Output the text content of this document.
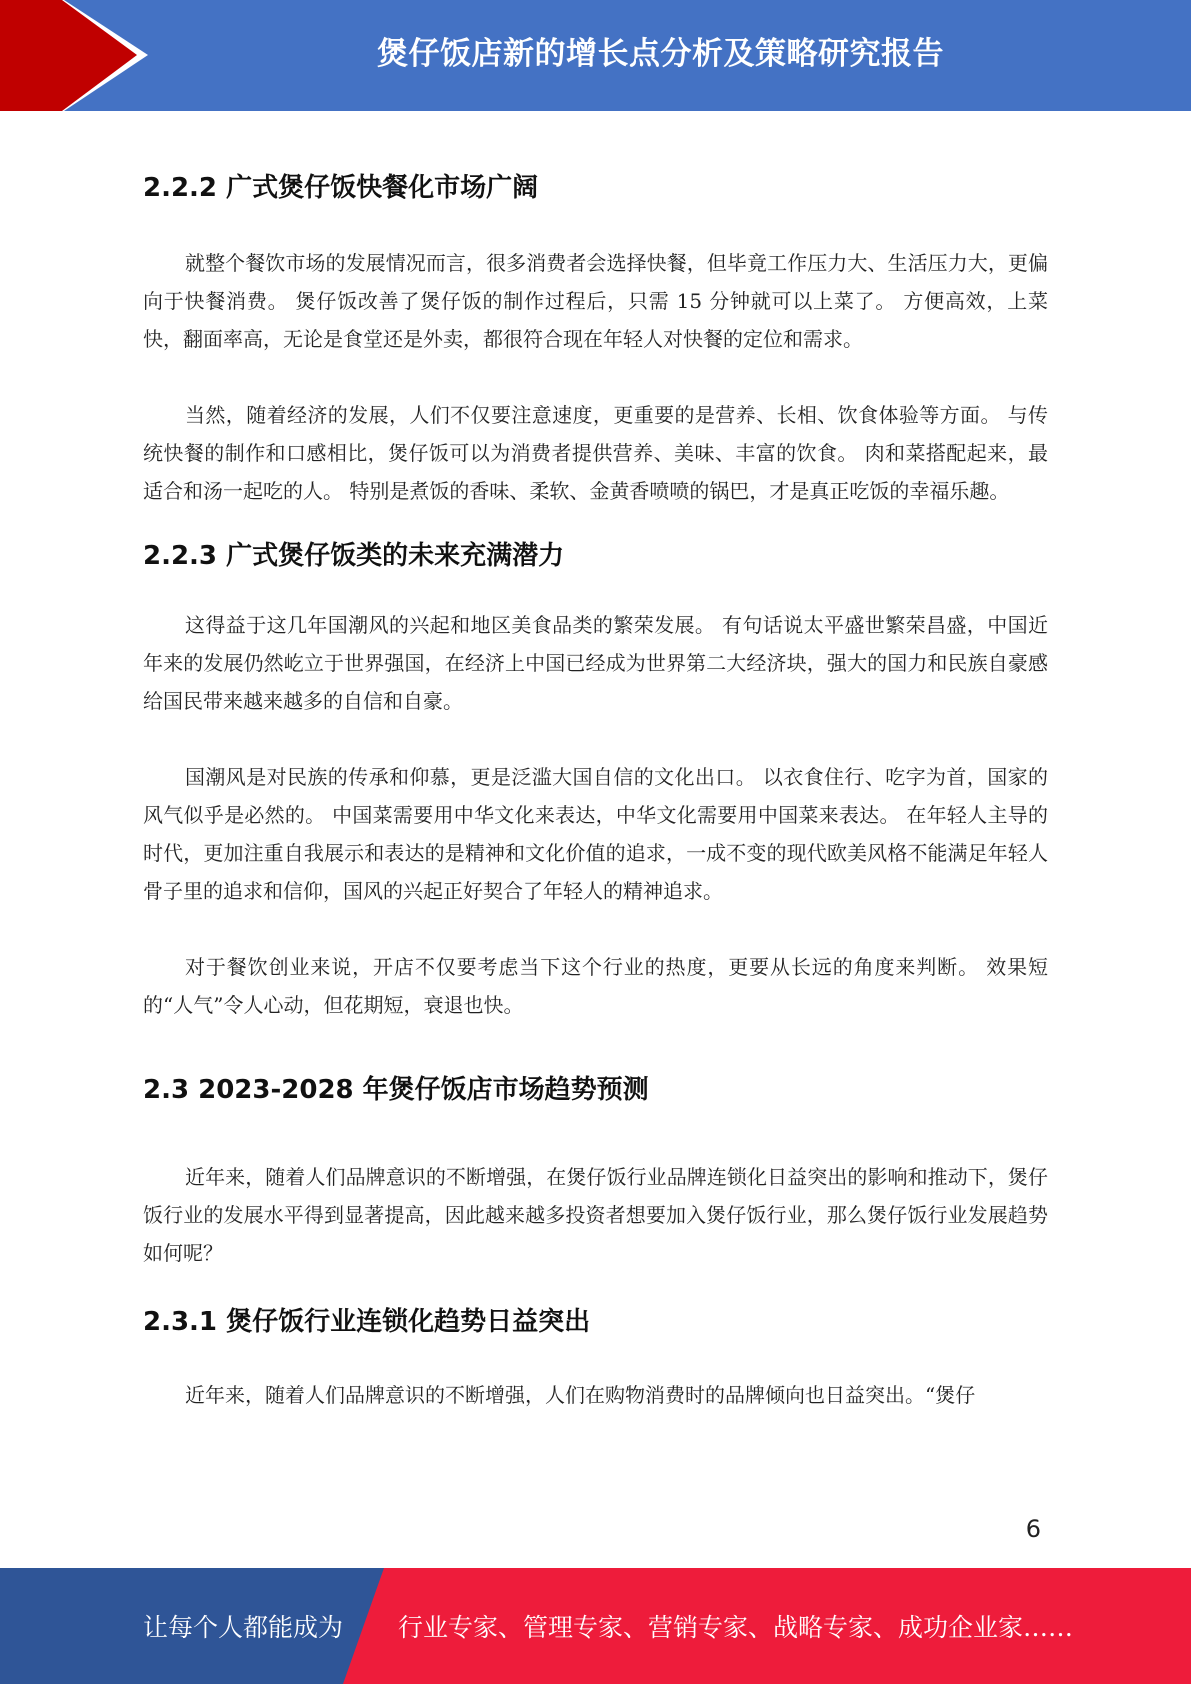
煲仔饭店新的增长点分析及策略研究报告
2.2.2 广式煲仔饭快餐化市场广阔

就整个餐饮市场的发展情况而言，很多消费者会选择快餐，但毕竟工作压力大、生活压力大，更偏向于快餐消费。 煲仔饭改善了煲仔饭的制作过程后，只需 15 分钟就可以上菜了。 方便高效，上菜快，翻面率高，无论是食堂还是外卖，都很符合现在年轻人对快餐的定位和需求。

当然，随着经济的发展，人们不仅要注意速度，更重要的是营养、长相、饮食体验等方面。 与传统快餐的制作和口感相比，煲仔饭可以为消费者提供营养、美味、丰富的饮食。 肉和菜搭配起来，最适合和汤一起吃的人。 特别是煮饭的香味、柔软、金黄香喷喷的锅巴，才是真正吃饭的幸福乐趣。

2.2.3 广式煲仔饭类的未来充满潜力

这得益于这几年国潮风的兴起和地区美食品类的繁荣发展。 有句话说太平盛世繁荣昌盛，中国近年来的发展仍然屹立于世界强国，在经济上中国已经成为世界第二大经济块，强大的国力和民族自豪感给国民带来越来越多的自信和自豪。

国潮风是对民族的传承和仰慕，更是泛滥大国自信的文化出口。 以衣食住行、吃字为首，国家的风气似乎是必然的。 中国菜需要用中华文化来表达，中华文化需要用中国菜来表达。 在年轻人主导的时代，更加注重自我展示和表达的是精神和文化价值的追求，一成不变的现代欧美风格不能满足年轻人骨子里的追求和信仰，国风的兴起正好契合了年轻人的精神追求。

对于餐饮创业来说，开店不仅要考虑当下这个行业的热度，更要从长远的角度来判断。 效果短的“人气”令人心动，但花期短，衰退也快。

2.3 2023-2028 年煲仔饭店市场趋势预测

近年来，随着人们品牌意识的不断增强，在煲仔饭行业品牌连锁化日益突出的影响和推动下，煲仔饭行业的发展水平得到显著提高，因此越来越多投资者想要加入煲仔饭行业，那么煲仔饭行业发展趋势如何呢？

2.3.1 煲仔饭行业连锁化趋势日益突出

近年来，随着人们品牌意识的不断增强，人们在购物消费时的品牌倾向也日益突出。“煲仔

6
让每个人都能成为 行业专家、管理专家、营销专家、战略专家、成功企业家……
